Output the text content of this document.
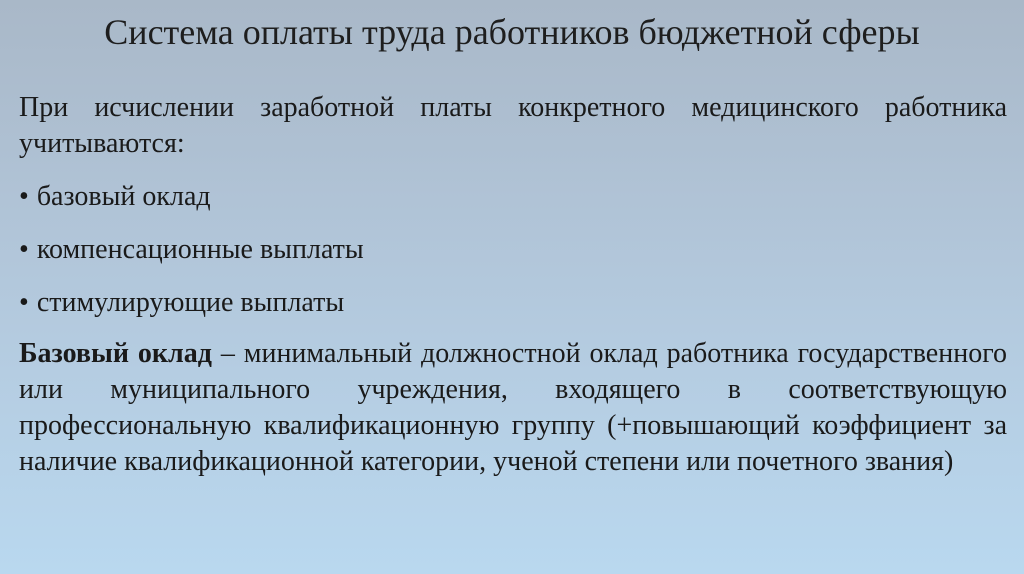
Система оплаты труда работников бюджетной сферы

При исчислении заработной платы конкретного медицинского работника учитываются:

• базовый оклад
• компенсационные выплаты
• стимулирующие выплаты

Базовый оклад – минимальный должностной оклад работника государственного или муниципального учреждения, входящего в соответствующую профессиональную квалификационную группу (+повышающий коэффициент за наличие квалификационной категории, ученой степени или почетного звания)
